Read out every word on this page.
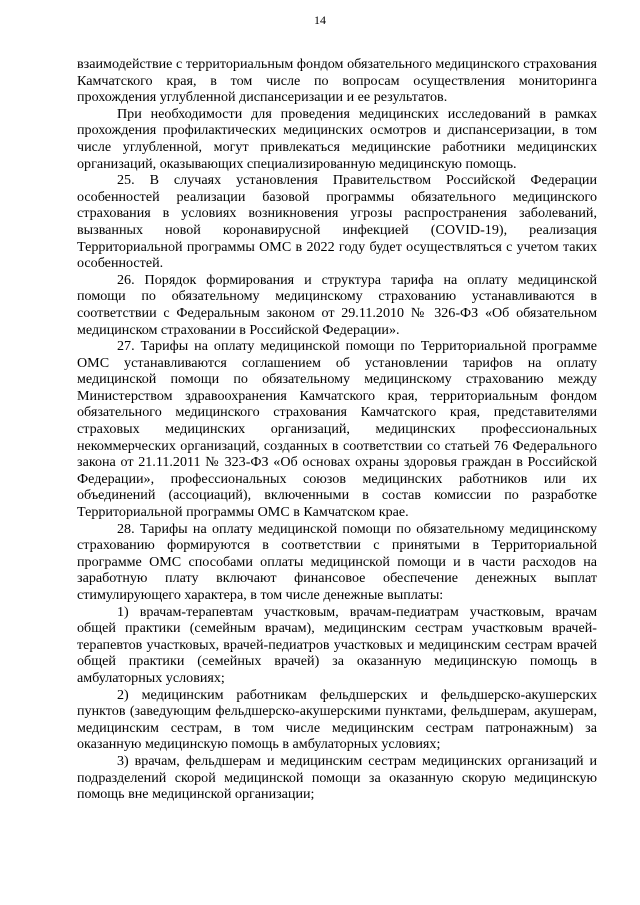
14

взаимодействие с территориальным фондом обязательного медицинского страхования Камчатского края, в том числе по вопросам осуществления мониторинга прохождения углубленной диспансеризации и ее результатов.

При необходимости для проведения медицинских исследований в рамках прохождения профилактических медицинских осмотров и диспансеризации, в том числе углубленной, могут привлекаться медицинские работники медицинских организаций, оказывающих специализированную медицинскую помощь.

25. В случаях установления Правительством Российской Федерации особенностей реализации базовой программы обязательного медицинского страхования в условиях возникновения угрозы распространения заболеваний, вызванных новой коронавирусной инфекцией (COVID-19), реализация Территориальной программы ОМС в 2022 году будет осуществляться с учетом таких особенностей.

26. Порядок формирования и структура тарифа на оплату медицинской помощи по обязательному медицинскому страхованию устанавливаются в соответствии с Федеральным законом от 29.11.2010 № 326-ФЗ «Об обязательном медицинском страховании в Российской Федерации».

27. Тарифы на оплату медицинской помощи по Территориальной программе ОМС устанавливаются соглашением об установлении тарифов на оплату медицинской помощи по обязательному медицинскому страхованию между Министерством здравоохранения Камчатского края, территориальным фондом обязательного медицинского страхования Камчатского края, представителями страховых медицинских организаций, медицинских профессиональных некоммерческих организаций, созданных в соответствии со статьей 76 Федерального закона от 21.11.2011 № 323-ФЗ «Об основах охраны здоровья граждан в Российской Федерации», профессиональных союзов медицинских работников или их объединений (ассоциаций), включенными в состав комиссии по разработке Территориальной программы ОМС в Камчатском крае.

28. Тарифы на оплату медицинской помощи по обязательному медицинскому страхованию формируются в соответствии с принятыми в Территориальной программе ОМС способами оплаты медицинской помощи и в части расходов на заработную плату включают финансовое обеспечение денежных выплат стимулирующего характера, в том числе денежные выплаты:

1) врачам-терапевтам участковым, врачам-педиатрам участковым, врачам общей практики (семейным врачам), медицинским сестрам участковым врачей-терапевтов участковых, врачей-педиатров участковых и медицинским сестрам врачей общей практики (семейных врачей) за оказанную медицинскую помощь в амбулаторных условиях;

2) медицинским работникам фельдшерских и фельдшерско-акушерских пунктов (заведующим фельдшерско-акушерскими пунктами, фельдшерам, акушерам, медицинским сестрам, в том числе медицинским сестрам патронажным) за оказанную медицинскую помощь в амбулаторных условиях;

3) врачам, фельдшерам и медицинским сестрам медицинских организаций и подразделений скорой медицинской помощи за оказанную скорую медицинскую помощь вне медицинской организации;
